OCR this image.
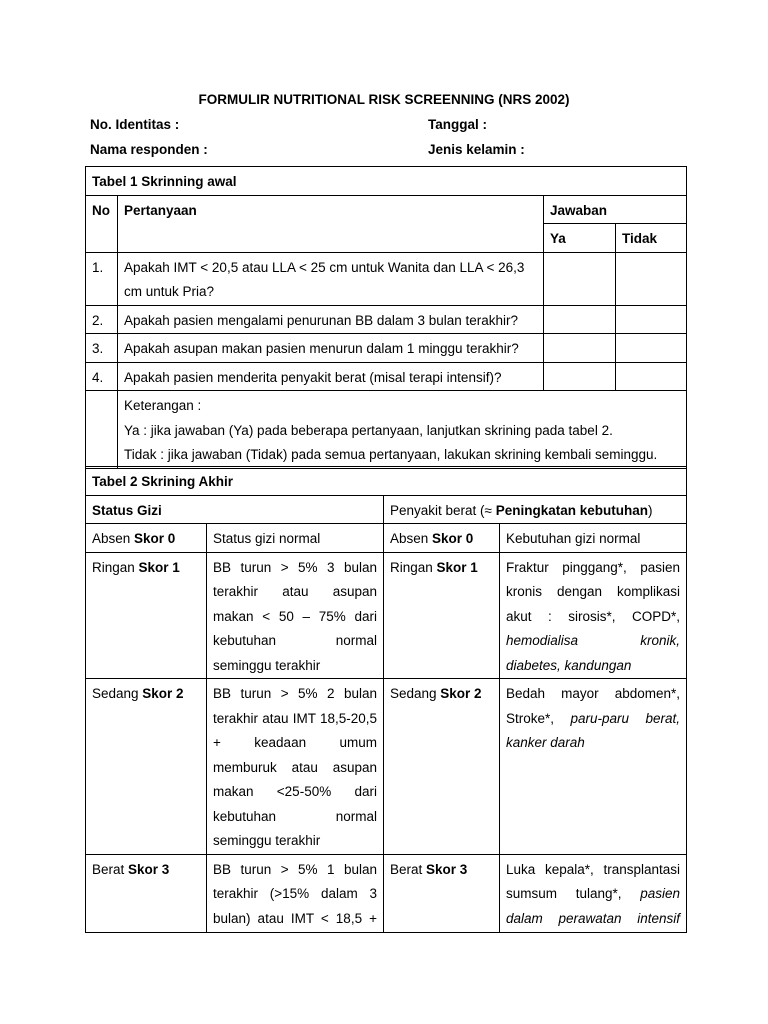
FORMULIR NUTRITIONAL RISK SCREENNING (NRS 2002)
No. Identitas :	Tanggal :
Nama responden :	Jenis kelamin :
Tabel 1 Skrinning awal			
No	Pertanyaan	Jawaban	
		Ya	Tidak
1.	Apakah IMT < 20,5 atau LLA < 25 cm untuk Wanita dan LLA < 26,3 cm untuk Pria?		
2.	Apakah pasien mengalami penurunan BB dalam 3 bulan terakhir?		
3.	Apakah asupan makan pasien menurun dalam 1 minggu terakhir?		
4.	Apakah pasien menderita penyakit berat (misal terapi intensif)?		

	Keterangan :
Ya : jika jawaban (Ya) pada beberapa pertanyaan, lanjutkan skrining pada tabel 2.
Tidak : jika jawaban (Tidak) pada semua pertanyaan, lakukan skrining kembali seminggu.		
Tabel 2 Skrining Akhir			
Status Gizi		Penyakit berat (≈ Peningkatan kebutuhan)	
Absen Skor 0	Status gizi normal	Absen Skor 0	Kebutuhan gizi normal
Ringan Skor 1	BB turun > 5% 3 bulan terakhir atau asupan makan < 50 – 75% dari kebutuhan normal seminggu terakhir	Ringan Skor 1	Fraktur pinggang*, pasien kronis dengan komplikasi akut : sirosis*, COPD*, hemodialisa kronik, diabetes, kandungan
Sedang Skor 2	BB turun > 5% 2 bulan terakhir atau IMT 18,5-20,5 + keadaan umum memburuk atau asupan makan <25-50% dari kebutuhan normal seminggu terakhir	Sedang Skor 2	Bedah mayor abdomen*, Stroke*, paru-paru berat, kanker darah
Berat Skor 3	BB turun > 5% 1 bulan terakhir (>15% dalam 3 bulan) atau IMT < 18,5 +	Berat Skor 3	Luka kepala*, transplantasi sumsum tulang*, pasien dalam perawatan intensif
